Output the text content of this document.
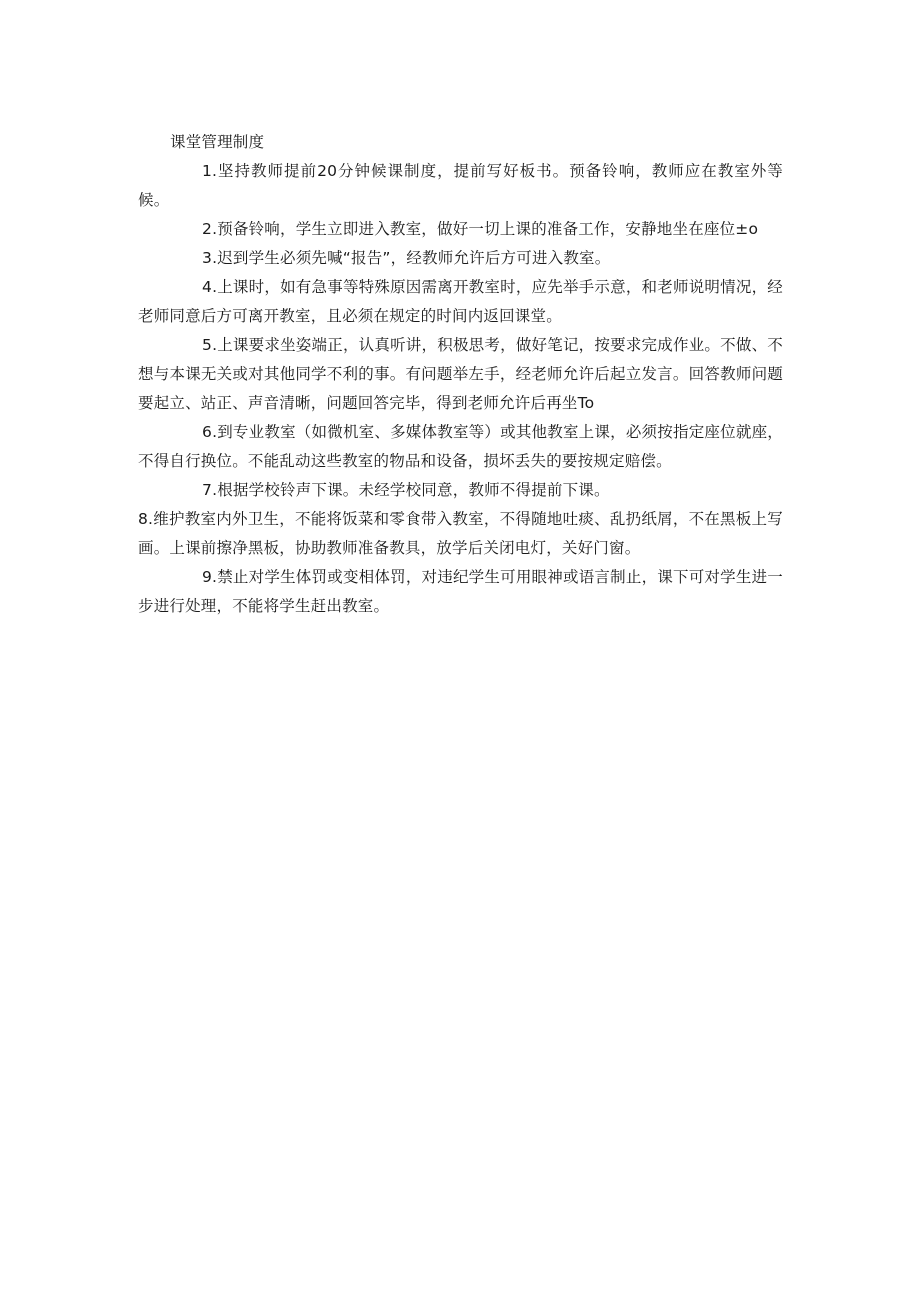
课堂管理制度

1.坚持教师提前20分钟候课制度，提前写好板书。预备铃响，教师应在教室外等候。

2.预备铃响，学生立即进入教室，做好一切上课的准备工作，安静地坐在座位±o

3.迟到学生必须先喊“报告”，经教师允许后方可进入教室。

4.上课时，如有急事等特殊原因需离开教室时，应先举手示意，和老师说明情况，经老师同意后方可离开教室，且必须在规定的时间内返回课堂。

5.上课要求坐姿端正，认真听讲，积极思考，做好笔记，按要求完成作业。不做、不想与本课无关或对其他同学不利的事。有问题举左手，经老师允许后起立发言。回答教师问题要起立、站正、声音清晰，问题回答完毕，得到老师允许后再坐To

6.到专业教室（如微机室、多媒体教室等）或其他教室上课，必须按指定座位就座，不得自行换位。不能乱动这些教室的物品和设备，损坏丢失的要按规定赔偿。

7.根据学校铃声下课。未经学校同意，教师不得提前下课。

8.维护教室内外卫生，不能将饭菜和零食带入教室，不得随地吐痰、乱扔纸屑，不在黑板上写画。上课前擦净黑板，协助教师准备教具，放学后关闭电灯，关好门窗。

9.禁止对学生体罚或变相体罚，对违纪学生可用眼神或语言制止，课下可对学生进一步进行处理，不能将学生赶出教室。
